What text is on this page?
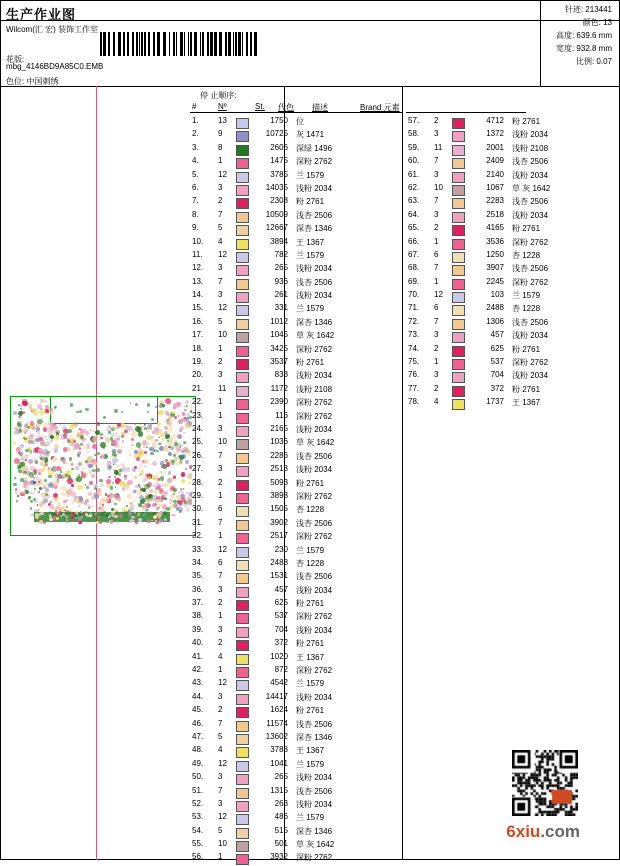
生产作业图
Wilcom(汇 宏) 装饰工作室
花版:
mbg_4146BD9A85C0.EMB
色位: 中国刺绣
针迹: 213441
颜色: 13
高度: 639.6 mm
宽度: 932.8 mm
比例: 0.07
停 止顺序:
#	Nº	St. 代色 描述	Brand 元素
1.	13	1750 位
2.	9	10725 灰 1471
3.	8	2606 深绿 1496
4.	1	1475 深粉 2762
5.	12	3785 兰 1579
6.	3	14035 浅粉 2034
7.	2	2308 粉 2761
8.	7	10509 浅杏 2506
9.	5	12667 深杏 1346
10.	4	3894 王 1367
11.	12	782 兰 1579
12.	3	265 浅粉 2034
13.	7	936 浅杏 2506
14.	3	261 浅粉 2034
15.	12	331 兰 1579
16.	5	1012 深杏 1346
17.	10	1045 草 灰 1642
18.	1	3425 深粉 2762
19.	2	3537 粉 2761
20.	3	838 浅粉 2034
21.	11	1172 浅粉 2108
22.	1	2390 深粉 2762
23.	1	116 深粉 2762
24.	3	2165 浅粉 2034
25.	10	1036 草 灰 1642
26.	7	2286 浅杏 2506
27.	3	2518 浅粉 2034
28.	2	5093 粉 2761
29.	1	3898 深粉 2762
30.	6	1505 杏 1228
31.	7	3902 浅杏 2506
32.	1	2517 深粉 2762
33.	12	230 兰 1579
34.	6	2488 杏 1228
35.	7	1531 浅杏 2506
36.	3	457 浅粉 2034
37.	2	625 粉 2761
38.	1	537 深粉 2762
39.	3	704 浅粉 2034
40.	2	372 粉 2761
41.	4	1020 王 1367
42.	1	872 深粉 2762
43.	12	4542 兰 1579
44.	3	14417 浅粉 2034
45.	2	1624 粉 2761
46.	7	11574 浅杏 2506
47.	5	13602 深杏 1346
48.	4	3788 王 1367
49.	12	1041 兰 1579
50.	3	265 浅粉 2034
51.	7	1315 浅杏 2506
52.	3	263 浅粉 2034
53.	12	486 兰 1579
54.	5	515 深杏 1346
55.	10	501 草 灰 1642
56.	1	3932 深粉 2762
57.	2	4712 粉 2761
58.	3	1372 浅粉 2034
59.	11	2001 浅粉 2108
60.	7	2409 浅杏 2506
61.	3	2140 浅粉 2034
62.	10	1067 草 灰 1642
63.	7	2283 浅杏 2506
64.	3	2518 浅粉 2034
65.	2	4165 粉 2761
66.	1	3536 深粉 2762
67.	6	1250 杏 1228
68.	7	3907 浅杏 2506
69.	1	2245 深粉 2762
70.	12	103 兰 1579
71.	6	2488 杏 1228
72.	7	1306 浅杏 2506
73.	3	457 浅粉 2034
74.	2	625 粉 2761
75.	1	537 深粉 2762
76.	3	704 浅粉 2034
77.	2	372 粉 2761
78.	4	1737 王 1367
6xiu.com
